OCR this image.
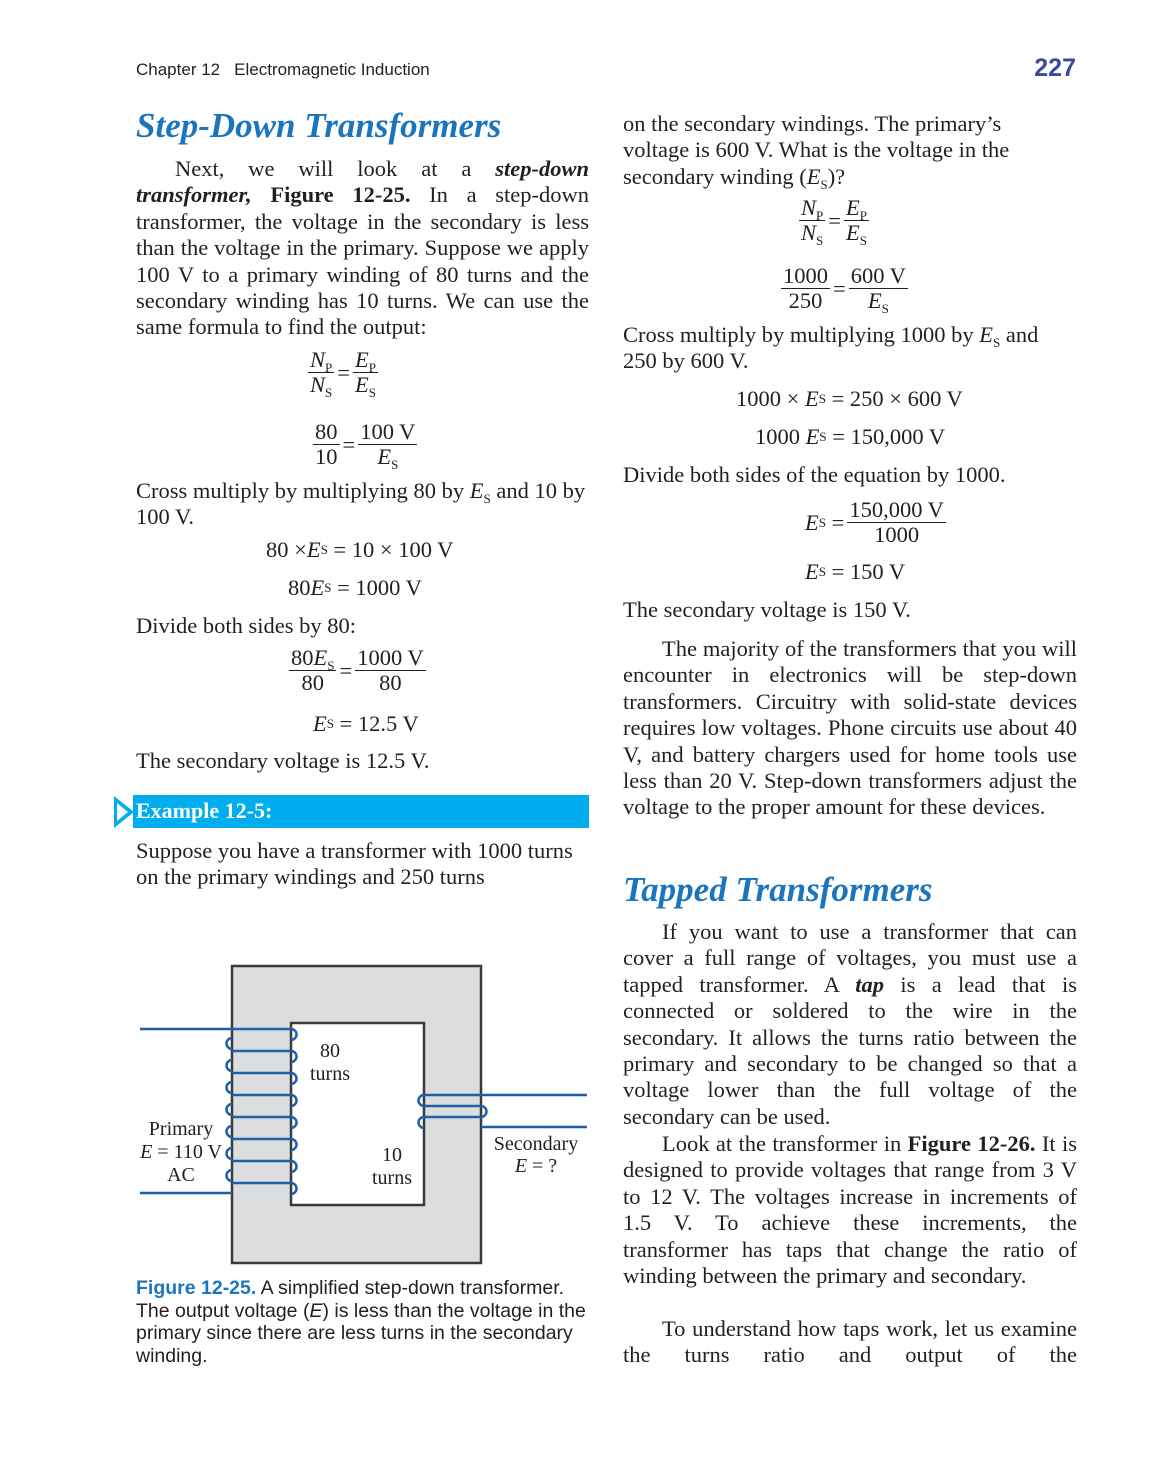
Chapter 12 Electromagnetic Induction	227
Step-Down Transformers

Next, we will look at a step-down transformer, Figure 12-25. In a step-down transformer, the voltage in the secondary is less than the voltage in the primary. Suppose we apply 100 V to a primary winding of 80 turns and the secondary winding has 10 turns. We can use the same formula to find the output:

$\frac{N_P}{N_S} = \frac{E_P}{E_S}$
$\frac{80}{10} = \frac{100 V}{E_S}$

Cross multiply by multiplying 80 by $E_S$ and 10 by 100 V.

80 × E S = 10 × 100 V
80 E S = 1000 V

Divide both sides by 80:

$\frac{80E_S}{80} = \frac{1000 V}{80}$
E S = 12.5 V

The secondary voltage is 12.5 V.

Example 12-5:

Suppose you have a transformer with 1000 turns on the primary windings and 250 turns

80
turns
10
turns
Primary
E = 110 V
AC
Secondary
E = ?
Figure 12-25. A simplified step-down transformer. The output voltage (E) is less than the voltage in the primary since there are less turns in the secondary winding.

on the secondary windings. The primary’s voltage is 600 V. What is the voltage in the secondary winding $(E_S)$?

$\frac{N_P}{N_S} = \frac{E_P}{E_S}$
$\frac{1000}{250} = \frac{600 V}{E_S}$

Cross multiply by multiplying 1000 by $E_S$ and 250 by 600 V.

1000 × E S = 250 × 600 V
1000 E S = 150,000 V

Divide both sides of the equation by 1000.

E $S = \frac{150,000 V}{1000}$
E S = 150 V

The secondary voltage is 150 V.

The majority of the transformers that you will encounter in electronics will be step-down transformers. Circuitry with solid-state devices requires low voltages. Phone circuits use about 40 V, and battery chargers used for home tools use less than 20 V. Step-down transformers adjust the voltage to the proper amount for these devices.

Tapped Transformers

If you want to use a transformer that can cover a full range of voltages, you must use a tapped transformer. A tap is a lead that is connected or soldered to the wire in the secondary. It allows the turns ratio between the primary and secondary to be changed so that a voltage lower than the full voltage of the secondary can be used.

Look at the transformer in Figure 12-26. It is designed to provide voltages that range from 3 V to 12 V. The voltages increase in increments of 1.5 V. To achieve these increments, the transformer has taps that change the ratio of winding between the primary and secondary.

To understand how taps work, let us examine the turns ratio and output of the
